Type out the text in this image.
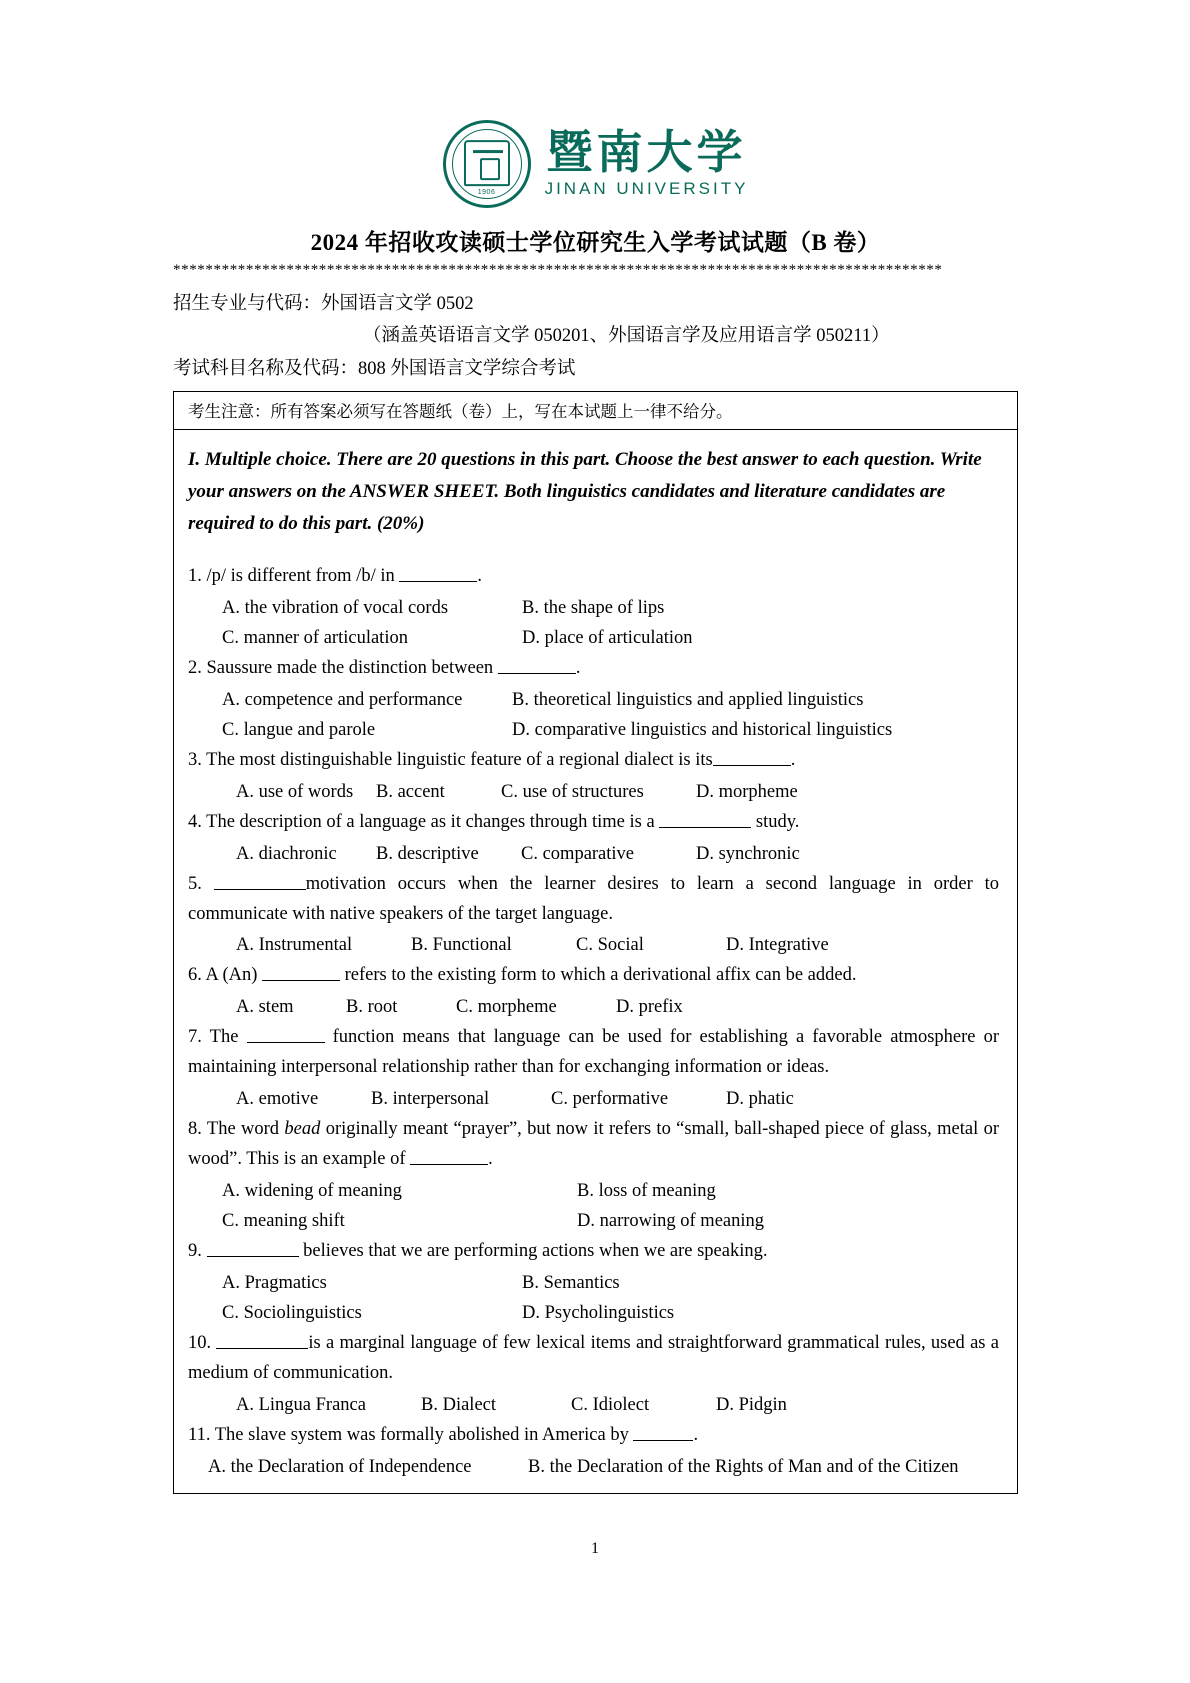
1906
暨南大学
JINAN UNIVERSITY
2024 年招收攻读硕士学位研究生入学考试试题（B 卷）
***********************************************************************************************
招生专业与代码：外国语言文学 0502
（涵盖英语语言文学 050201、外国语言学及应用语言学 050211）
考试科目名称及代码：808 外国语言文学综合考试
考生注意：所有答案必须写在答题纸（卷）上，写在本试题上一律不给分。
I. Multiple choice. There are 20 questions in this part. Choose the best answer to each question. Write your answers on the ANSWER SHEET. Both linguistics candidates and literature candidates are required to do this part. (20%)
1. /p/ is different from /b/ in	.
A. the vibration of vocal cords	B. the shape of lips
C. manner of articulation	D. place of articulation
2. Saussure made the distinction between	.
A. competence and performance	B. theoretical linguistics and applied linguistics
C. langue and parole	D. comparative linguistics and historical linguistics
3. The most distinguishable linguistic feature of a regional dialect is its	.
A. use of words	B. accent	C. use of structures	D. morpheme
4. The description of a language as it changes through time is a	study.
A. diachronic	B. descriptive	C. comparative	D. synchronic
5.	motivation occurs when the learner desires to learn a second language in order to communicate with native speakers of the target language.
A. Instrumental	B. Functional	C. Social	D. Integrative
6. A (An)	refers to the existing form to which a derivational affix can be added.
A. stem	B. root	C. morpheme	D. prefix
7. The	function means that language can be used for establishing a favorable atmosphere or maintaining interpersonal relationship rather than for exchanging information or ideas.
A. emotive	B. interpersonal	C. performative	D. phatic
8. The word bead originally meant “prayer”, but now it refers to “small, ball-shaped piece of glass, metal or wood”. This is an example of	.
A. widening of meaning	B. loss of meaning
C. meaning shift	D. narrowing of meaning
9.	believes that we are performing actions when we are speaking.
A. Pragmatics	B. Semantics
C. Sociolinguistics	D. Psycholinguistics
10.	is a marginal language of few lexical items and straightforward grammatical rules, used as a medium of communication.
A. Lingua Franca	B. Dialect	C. Idiolect	D. Pidgin
11. The slave system was formally abolished in America by	.
A. the Declaration of Independence	B. the Declaration of the Rights of Man and of the Citizen
1
